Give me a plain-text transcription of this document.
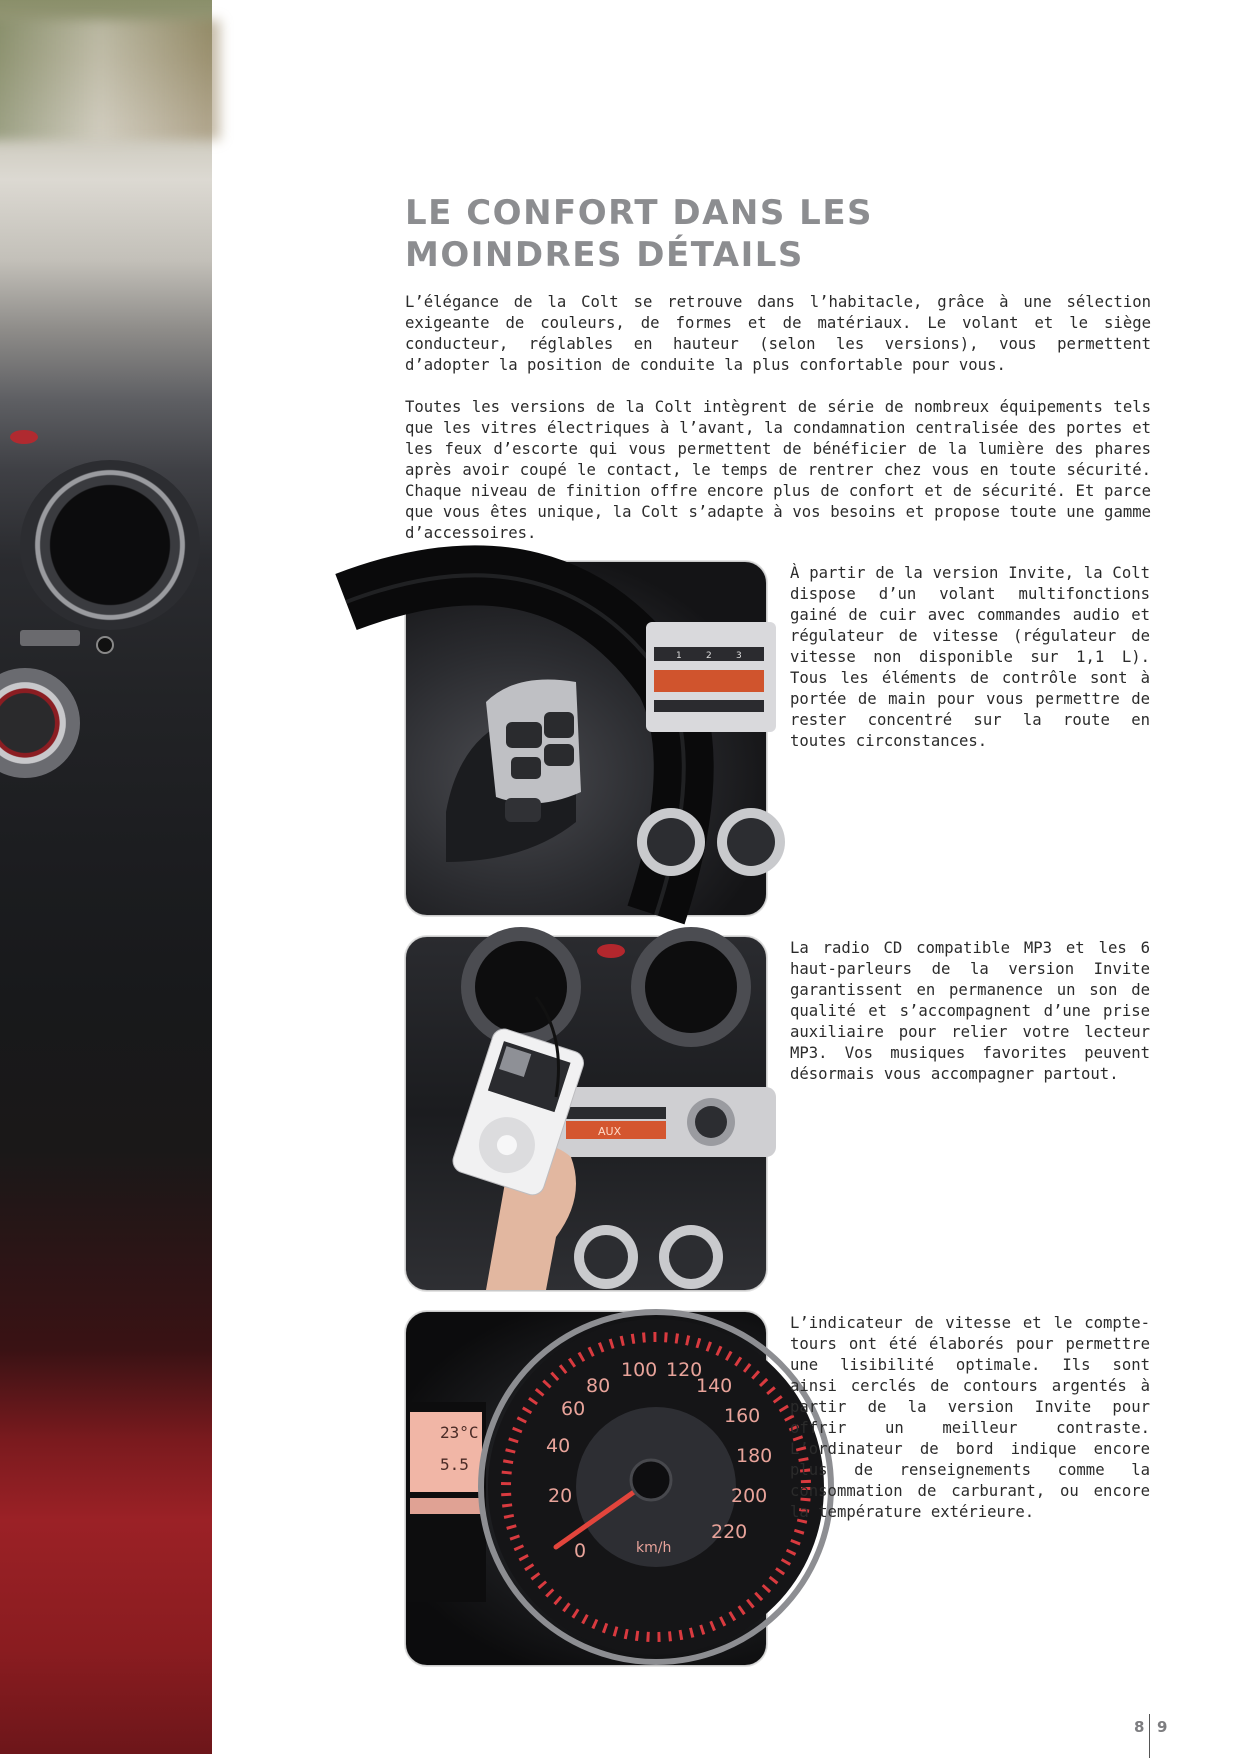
LE CONFORT DANS LES
MOINDRES DÉTAILS

L’élégance de la Colt se retrouve dans l’habitacle, grâce à une sélection exigeante de couleurs, de formes et de matériaux. Le volant et le siège conducteur, réglables en hauteur (selon les versions), vous permettent d’adopter la position de conduite la plus confortable pour vous.

Toutes les versions de la Colt intègrent de série de nombreux équipements tels que les vitres électriques à l’avant, la condamnation centralisée des portes et les feux d’escorte qui vous permettent de bénéficier de la lumière des phares après avoir coupé le contact, le temps de rentrer chez vous en toute sécurité. Chaque niveau de finition offre encore plus de confort et de sécurité. Et parce que vous êtes unique, la Colt s’adapte à vos besoins et propose toute une gamme d’accessoires.

1	2	3

À partir de la version Invite, la Colt dispose d’un volant multifonctions gainé de cuir avec commandes audio et régulateur de vitesse (régulateur de vitesse non disponible sur 1,1 L). Tous les éléments de contrôle sont à portée de main pour vous permettre de rester concentré sur la route en toutes circonstances.

AUX

La radio CD compatible MP3 et les 6 haut-parleurs de la version Invite garantissent en permanence un son de qualité et s’accompagnent d’une prise auxiliaire pour relier votre lecteur MP3. Vos musiques favorites peuvent désormais vous accompagner partout.

23°C
5.5
0
20
40
60
80
100 120
140
160
180
200
220
km/h

L’indicateur de vitesse et le compte-tours ont été élaborés pour permettre une lisibilité optimale. Ils sont ainsi cerclés de contours argentés à partir de la version Invite pour offrir un meilleur contraste. L’ordinateur de bord indique encore plus de renseignements comme la consommation de carburant, ou encore la température extérieure.

8 9
